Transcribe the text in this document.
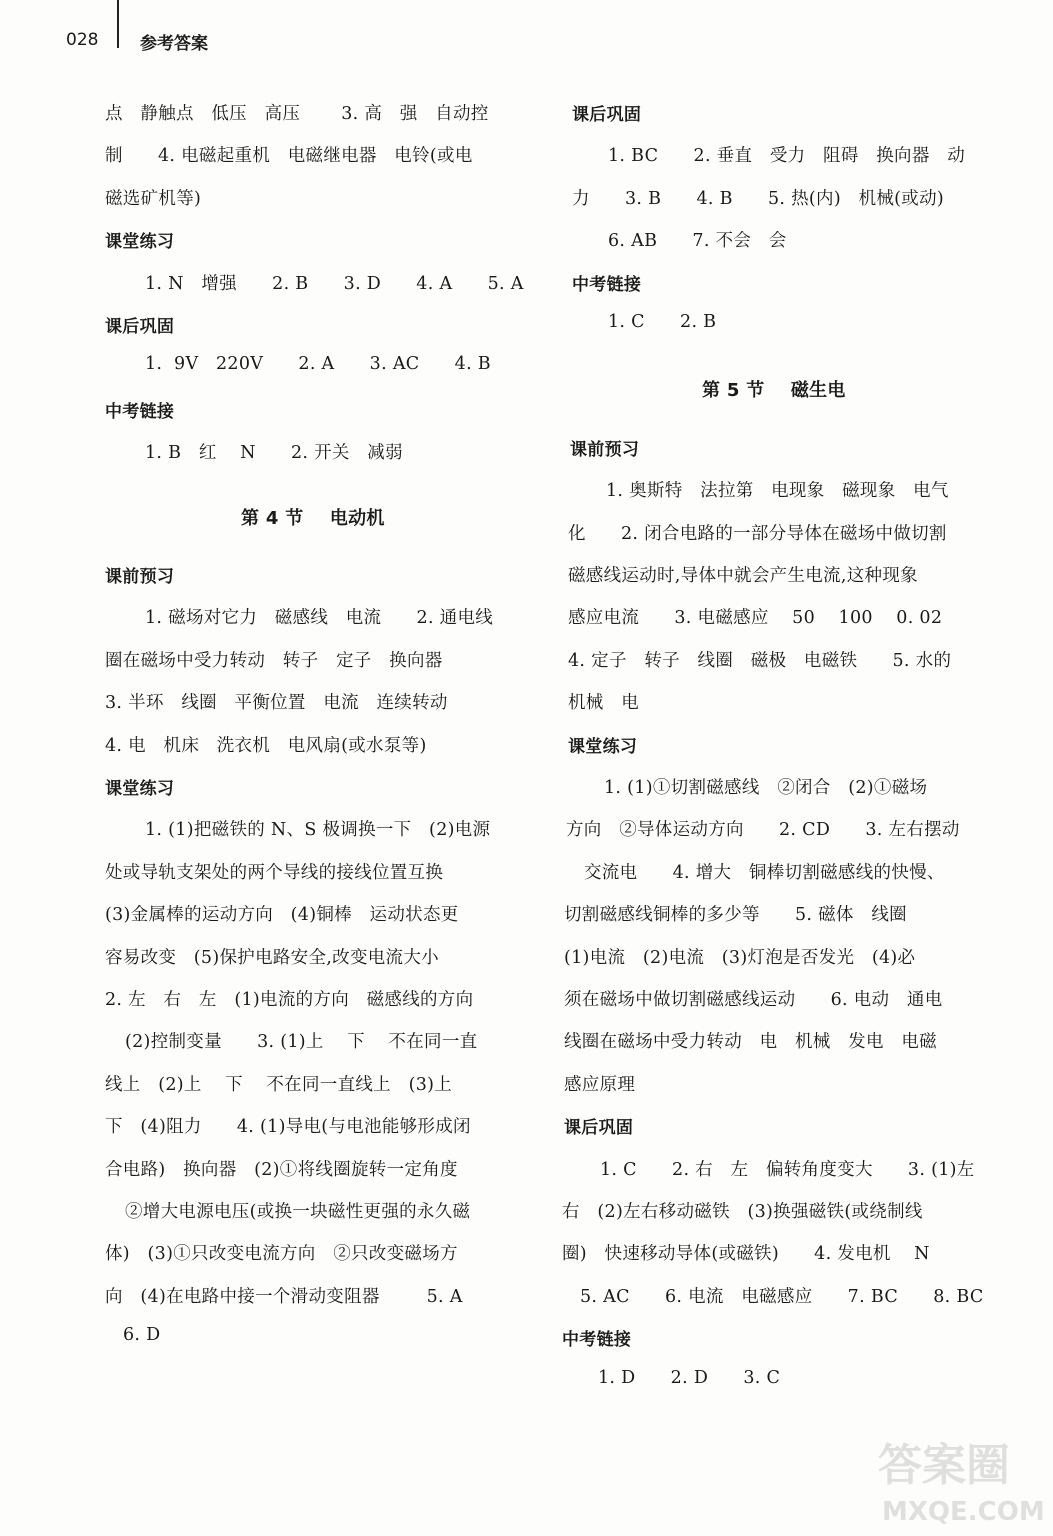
028 参考答案
点   静触点   低压   高压       3. 高   强   自动控
制      4. 电磁起重机   电磁继电器   电铃(或电
磁选矿机等)
课堂练习
1. N   增强      2. B      3. D      4. A      5. A
课后巩固
1.  9V   220V      2. A      3. AC      4. B
中考链接
1. B   红    N      2. 开关   减弱
第 4 节    电动机
课前预习
1. 磁场对它力   磁感线   电流      2. 通电线
圈在磁场中受力转动   转子   定子   换向器
3. 半环   线圈   平衡位置   电流   连续转动
4. 电   机床   洗衣机   电风扇(或水泵等)
课堂练习
1. (1)把磁铁的 N、S 极调换一下   (2)电源
处或导轨支架处的两个导线的接线位置互换
(3)金属棒的运动方向   (4)铜棒   运动状态更
容易改变   (5)保护电路安全,改变电流大小
2. 左   右   左   (1)电流的方向   磁感线的方向
(2)控制变量      3. (1)上    下    不在同一直
线上   (2)上    下    不在同一直线上   (3)上
下   (4)阻力      4. (1)导电(与电池能够形成闭
合电路)   换向器   (2)①将线圈旋转一定角度
②增大电源电压(或换一块磁性更强的永久磁
体)   (3)①只改变电流方向   ②只改变磁场方
向   (4)在电路中接一个滑动变阻器        5. A
6. D
课后巩固
1. BC      2. 垂直   受力   阻碍   换向器   动
力      3. B      4. B      5. 热(内)   机械(或动)
6. AB      7. 不会   会
中考链接
1. C      2. B
第 5 节    磁生电
课前预习
1. 奥斯特   法拉第   电现象   磁现象   电气
化      2. 闭合电路的一部分导体在磁场中做切割
磁感线运动时,导体中就会产生电流,这种现象
感应电流      3. 电磁感应    50    100    0. 02
4. 定子   转子   线圈   磁极   电磁铁      5. 水的
机械   电
课堂练习
1. (1)①切割磁感线   ②闭合   (2)①磁场
方向   ②导体运动方向      2. CD      3. 左右摆动
交流电      4. 增大   铜棒切割磁感线的快慢、
切割磁感线铜棒的多少等      5. 磁体   线圈
(1)电流   (2)电流   (3)灯泡是否发光   (4)必
须在磁场中做切割磁感线运动      6. 电动   通电
线圈在磁场中受力转动   电   机械   发电   电磁
感应原理
课后巩固
1. C      2. 右   左   偏转角度变大      3. (1)左
右   (2)左右移动磁铁   (3)换强磁铁(或绕制线
圈)   快速移动导体(或磁铁)      4. 发电机    N
5. AC      6. 电流   电磁感应      7. BC      8. BC
中考链接
1. D      2. D      3. C
答案圈
MXQE.COM
